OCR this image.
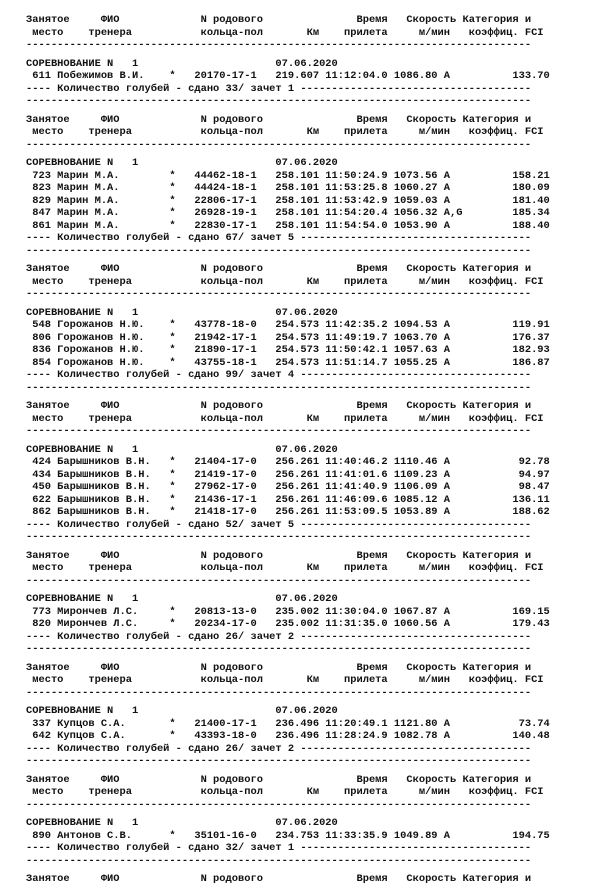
Занятое     ФИО             N родового               Время   Скорость Категория и
место    тренера           кольца-пол       Км    прилета     м/мин   коэффиц. FCI
---------------------------------------------------------------------------------
СОРЕВНОВАНИЕ N   1                      07.06.2020
611 Побежимов В.И.    *   20170-17-1   219.607 11:12:04.0 1086.80 A          133.70
---- Количество голубей - сдано 33/ зачет 1 -------------------------------------
---------------------------------------------------------------------------------
Занятое     ФИО             N родового               Время   Скорость Категория и
место    тренера           кольца-пол       Км    прилета     м/мин   коэффиц. FCI
---------------------------------------------------------------------------------
СОРЕВНОВАНИЕ N   1                      07.06.2020
723 Марин М.А.        *   44462-18-1   258.101 11:50:24.9 1073.56 A          158.21
823 Марин М.А.        *   44424-18-1   258.101 11:53:25.8 1060.27 A          180.09
829 Марин М.А.        *   22806-17-1   258.101 11:53:42.9 1059.03 A          181.40
847 Марин М.А.        *   26928-19-1   258.101 11:54:20.4 1056.32 A,G        185.34
861 Марин М.А.        *   22830-17-1   258.101 11:54:54.0 1053.90 A          188.40
---- Количество голубей - сдано 67/ зачет 5 -------------------------------------
---------------------------------------------------------------------------------
Занятое     ФИО             N родового               Время   Скорость Категория и
место    тренера           кольца-пол       Км    прилета     м/мин   коэффиц. FCI
---------------------------------------------------------------------------------
СОРЕВНОВАНИЕ N   1                      07.06.2020
548 Горожанов Н.Ю.    *   43778-18-0   254.573 11:42:35.2 1094.53 A          119.91
806 Горожанов Н.Ю.    *   21942-17-1   254.573 11:49:19.7 1063.70 A          176.37
836 Горожанов Н.Ю.    *   21890-17-1   254.573 11:50:42.1 1057.63 A          182.93
854 Горожанов Н.Ю.    *   43755-18-1   254.573 11:51:14.7 1055.25 A          186.87
---- Количество голубей - сдано 99/ зачет 4 -------------------------------------
---------------------------------------------------------------------------------
Занятое     ФИО             N родового               Время   Скорость Категория и
место    тренера           кольца-пол       Км    прилета     м/мин   коэффиц. FCI
---------------------------------------------------------------------------------
СОРЕВНОВАНИЕ N   1                      07.06.2020
424 Барышников В.Н.   *   21404-17-0   256.261 11:40:46.2 1110.46 A           92.78
434 Барышников В.Н.   *   21419-17-0   256.261 11:41:01.6 1109.23 A           94.97
450 Барышников В.Н.   *   27962-17-0   256.261 11:41:40.9 1106.09 A           98.47
622 Барышников В.Н.   *   21436-17-1   256.261 11:46:09.6 1085.12 A          136.11
862 Барышников В.Н.   *   21418-17-0   256.261 11:53:09.5 1053.89 A          188.62
---- Количество голубей - сдано 52/ зачет 5 -------------------------------------
---------------------------------------------------------------------------------
Занятое     ФИО             N родового               Время   Скорость Категория и
место    тренера           кольца-пол       Км    прилета     м/мин   коэффиц. FCI
---------------------------------------------------------------------------------
СОРЕВНОВАНИЕ N   1                      07.06.2020
773 Мирончев Л.С.     *   20813-13-0   235.002 11:30:04.0 1067.87 A          169.15
820 Мирончев Л.С.     *   20234-17-0   235.002 11:31:35.0 1060.56 A          179.43
---- Количество голубей - сдано 26/ зачет 2 -------------------------------------
---------------------------------------------------------------------------------
Занятое     ФИО             N родового               Время   Скорость Категория и
место    тренера           кольца-пол       Км    прилета     м/мин   коэффиц. FCI
---------------------------------------------------------------------------------
СОРЕВНОВАНИЕ N   1                      07.06.2020
337 Купцов С.А.       *   21400-17-1   236.496 11:20:49.1 1121.80 A           73.74
642 Купцов С.А.       *   43393-18-0   236.496 11:28:24.9 1082.78 A          140.48
---- Количество голубей - сдано 26/ зачет 2 -------------------------------------
---------------------------------------------------------------------------------
Занятое     ФИО             N родового               Время   Скорость Категория и
место    тренера           кольца-пол       Км    прилета     м/мин   коэффиц. FCI
---------------------------------------------------------------------------------
СОРЕВНОВАНИЕ N   1                      07.06.2020
890 Антонов С.В.      *   35101-16-0   234.753 11:33:35.9 1049.89 A          194.75
---- Количество голубей - сдано 32/ зачет 1 -------------------------------------
---------------------------------------------------------------------------------
Занятое     ФИО             N родового               Время   Скорость Категория и
